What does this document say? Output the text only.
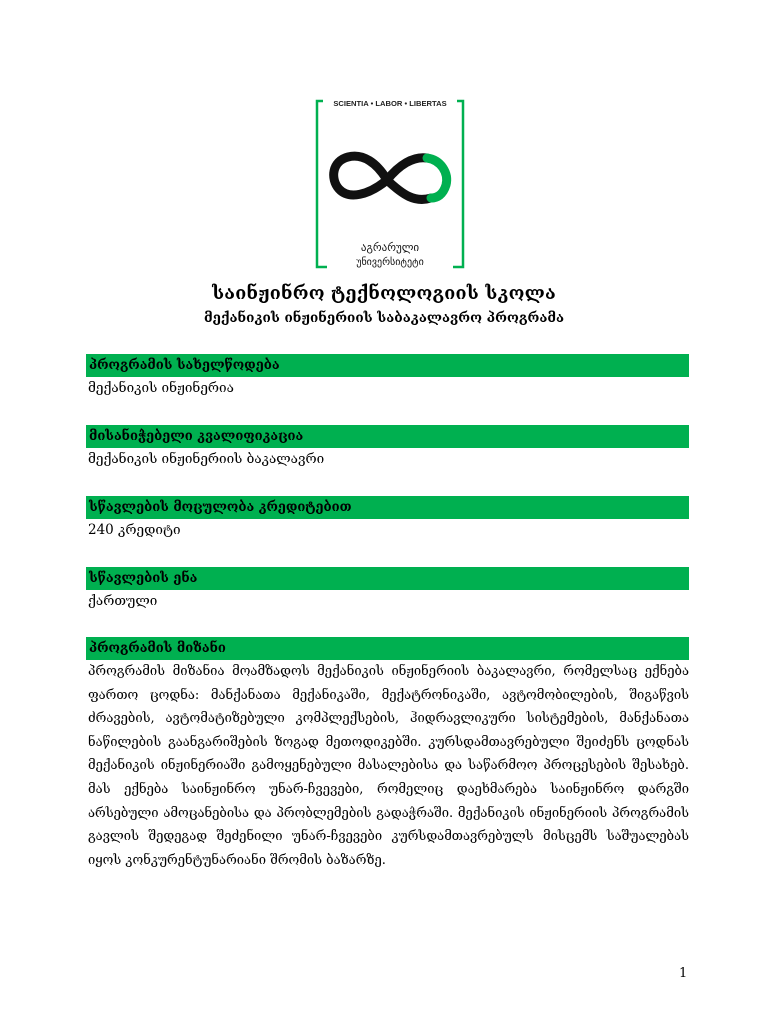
SCIENTIA • LABOR • LIBERTAS
აგრარული
უნივერსიტეტი
საინჟინრო ტექნოლოგიის სკოლა
მექანიკის ინჟინერიის საბაკალავრო პროგრამა
პროგრამის სახელწოდება
მექანიკის ინჟინერია
მისანიჭებელი კვალიფიკაცია
მექანიკის ინჟინერიის ბაკალავრი
სწავლების მოცულობა კრედიტებით
240 კრედიტი
სწავლების ენა
ქართული
პროგრამის მიზანი

პროგრამის მიზანია მოამზადოს მექანიკის ინჟინერიის ბაკალავრი, რომელსაც ექნება ფართო ცოდნა: მანქანათა მექანიკაში, მექატრონიკაში, ავტომობილების, შიგაწვის ძრავების, ავტომატიზებული კომპლექსების, ჰიდრავლიკური სისტემების, მანქანათა ნაწილების გაანგარიშების ზოგად მეთოდიკებში. კურსდამთავრებული შეიძენს ცოდნას მექანიკის ინჟინერიაში გამოყენებული მასალებისა და საწარმოო პროცესების შესახებ. მას ექნება საინჟინრო უნარ-ჩვევები, რომელიც დაეხმარება საინჟინრო დარგში არსებული ამოცანებისა და პრობლემების გადაჭრაში. მექანიკის ინჟინერიის პროგრამის გავლის შედეგად შეძენილი უნარ-ჩვევები კურსდამთავრებულს მისცემს საშუალებას იყოს კონკურენტუნარიანი შრომის ბაზარზე.

1
